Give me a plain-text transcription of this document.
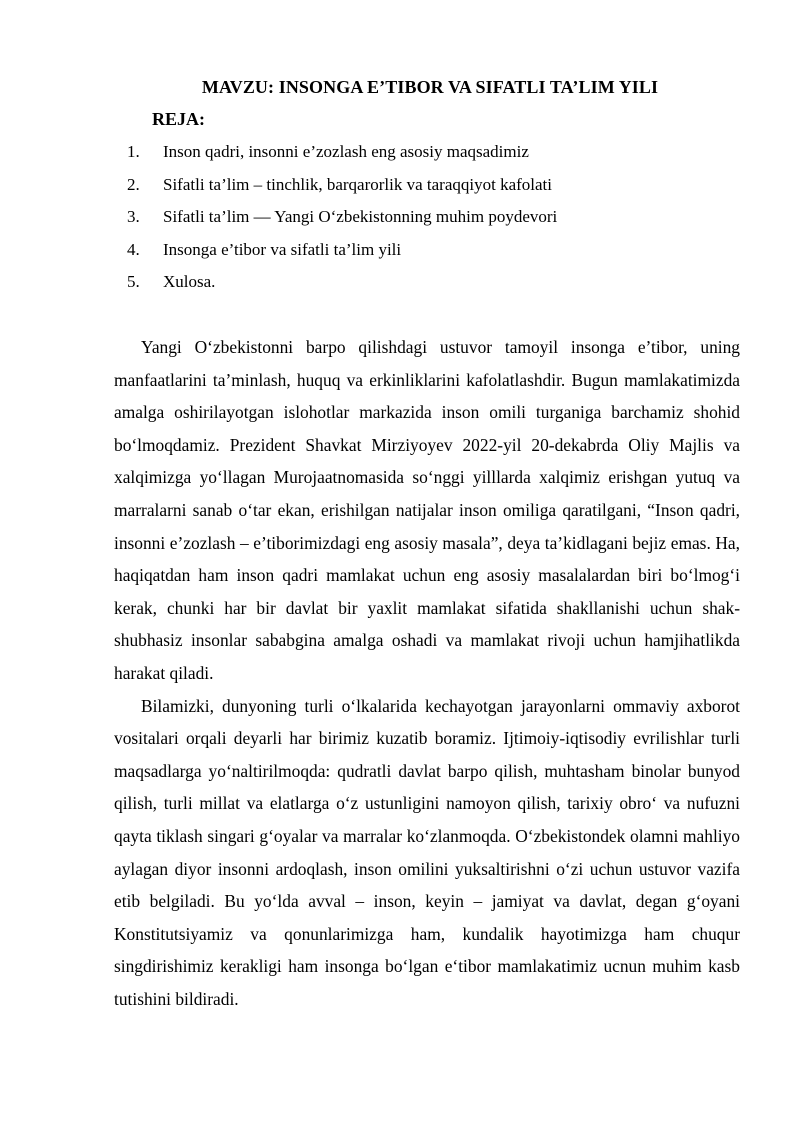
MAVZU: INSONGA E’TIBOR VA SIFATLI TA’LIM YILI
REJA:
1. Inson qadri, insonni e’zozlash eng asosiy maqsadimiz
2. Sifatli ta’lim – tinchlik, barqarorlik va taraqqiyot kafolati
3. Sifatli ta’lim — Yangi O‘zbekistonning muhim poydevori
4. Insonga e’tibor va sifatli ta’lim yili
5. Xulosa.

Yangi O‘zbekistonni barpo qilishdagi ustuvor tamoyil insonga e’tibor, uning manfaatlarini ta’minlash, huquq va erkinliklarini kafolatlashdir. Bugun mamlakatimizda amalga oshirilayotgan islohotlar markazida inson omili turganiga barchamiz shohid bo‘lmoqdamiz. Prezident Shavkat Mirziyoyev 2022-yil 20-dekabrda Oliy Majlis va xalqimizga yo‘llagan Murojaatnomasida so‘nggi yilllarda xalqimiz erishgan yutuq va marralarni sanab o‘tar ekan, erishilgan natijalar inson omiliga qaratilgani, “Inson qadri, insonni e’zozlash – e’tiborimizdagi eng asosiy masala”, deya ta’kidlagani bejiz emas. Ha, haqiqatdan ham inson qadri mamlakat uchun eng asosiy masalalardan biri bo‘lmog‘i kerak, chunki har bir davlat bir yaxlit mamlakat sifatida shakllanishi uchun shak-shubhasiz insonlar sababgina amalga oshadi va mamlakat rivoji uchun hamjihatlikda harakat qiladi.

Bilamizki, dunyoning turli o‘lkalarida kechayotgan jarayonlarni ommaviy axborot vositalari orqali deyarli har birimiz kuzatib boramiz. Ijtimoiy-iqtisodiy evrilishlar turli maqsadlarga yo‘naltirilmoqda: qudratli davlat barpo qilish, muhtasham binolar bunyod qilish, turli millat va elatlarga o‘z ustunligini namoyon qilish, tarixiy obro‘ va nufuzni qayta tiklash singari g‘oyalar va marralar ko‘zlanmoqda. O‘zbekistondek olamni mahliyo aylagan diyor insonni ardoqlash, inson omilini yuksaltirishni o‘zi uchun ustuvor vazifa etib belgiladi. Bu yo‘lda avval – inson, keyin – jamiyat va davlat, degan g‘oyani Konstitutsiyamiz va qonunlarimizga ham, kundalik hayotimizga ham chuqur singdirishimiz kerakligi ham insonga bo‘lgan e‘tibor mamlakatimiz ucnun muhim kasb tutishini bildiradi.
